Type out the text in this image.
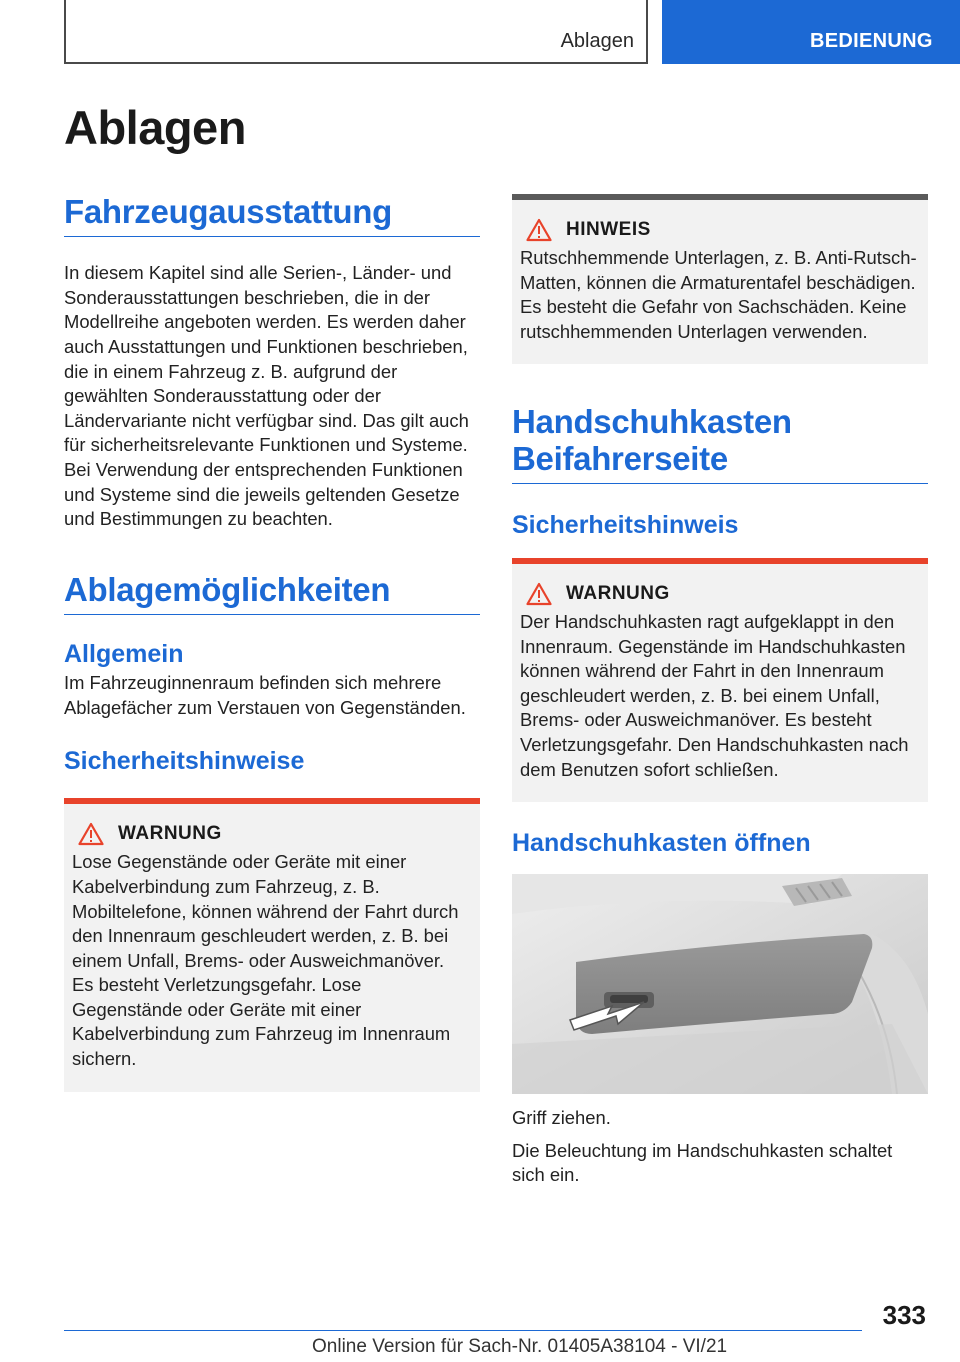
Ablagen	BEDIENUNG
Ablagen
Fahrzeugausstattung

In diesem Kapitel sind alle Serien-, Länder- und Sonderausstattungen beschrieben, die in der Modellreihe angeboten werden. Es werden daher auch Ausstattungen und Funktionen beschrieben, die in einem Fahrzeug z. B. aufgrund der gewählten Sonderausstattung oder der Ländervariante nicht verfügbar sind. Das gilt auch für sicherheitsrelevante Funktionen und Systeme. Bei Verwendung der entsprechenden Funktionen und Systeme sind die jeweils geltenden Gesetze und Bestimmungen zu beachten.

Ablagemöglichkeiten
Allgemein

Im Fahrzeuginnenraum befinden sich mehrere Ablagefächer zum Verstauen von Gegenständen.

Sicherheitshinweise
WARNUNG

Lose Gegenstände oder Geräte mit einer Kabelverbindung zum Fahrzeug, z. B. Mobiltelefone, können während der Fahrt durch den Innenraum geschleudert werden, z. B. bei einem Unfall, Brems- oder Ausweichmanöver. Es besteht Verletzungsgefahr. Lose Gegenstände oder Geräte mit einer Kabelverbindung zum Fahrzeug im Innenraum sichern.

HINWEIS

Rutschhemmende Unterlagen, z. B. Anti-Rutsch-Matten, können die Armaturentafel beschädigen. Es besteht die Gefahr von Sachschäden. Keine rutschhemmenden Unterlagen verwenden.

Handschuhkasten Beifahrerseite
Sicherheitshinweis
WARNUNG

Der Handschuhkasten ragt aufgeklappt in den Innenraum. Gegenstände im Handschuhkasten können während der Fahrt in den Innenraum geschleudert werden, z. B. bei einem Unfall, Brems- oder Ausweichmanöver. Es besteht Verletzungsgefahr. Den Handschuhkasten nach dem Benutzen sofort schließen.

Handschuhkasten öffnen

Griff ziehen.

Die Beleuchtung im Handschuhkasten schaltet sich ein.

333
Online Version für Sach-Nr. 01405A38104 - VI/21
